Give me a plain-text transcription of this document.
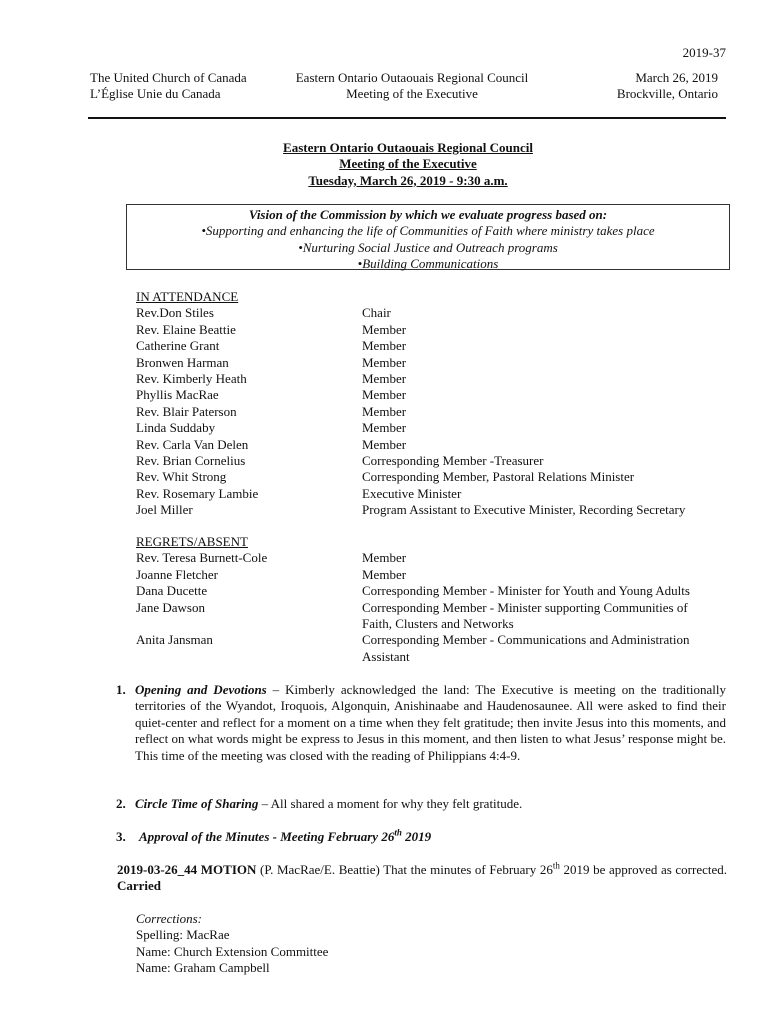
2019-37
The United Church of Canada
L’Église Unie du Canada
Eastern Ontario Outaouais Regional Council
Meeting of the Executive
March 26, 2019
Brockville, Ontario
Eastern Ontario Outaouais Regional Council
Meeting of the Executive
Tuesday, March 26, 2019 - 9:30 a.m.
Vision of the Commission by which we evaluate progress based on:
•Supporting and enhancing the life of Communities of Faith where ministry takes place
•Nurturing Social Justice and Outreach programs
•Building Communications
IN ATTENDANCE
Rev.Don Stiles	Chair
Rev. Elaine Beattie	Member
Catherine Grant	Member
Bronwen Harman	Member
Rev. Kimberly Heath	Member
Phyllis MacRae	Member
Rev. Blair Paterson	Member
Linda Suddaby	Member
Rev. Carla Van Delen	Member
Rev. Brian Cornelius	Corresponding Member -Treasurer
Rev. Whit Strong	Corresponding Member, Pastoral Relations Minister
Rev. Rosemary Lambie	Executive Minister
Joel Miller	Program Assistant to Executive Minister, Recording Secretary
REGRETS/ABSENT
Rev. Teresa Burnett-Cole	Member
Joanne Fletcher	Member
Dana Ducette	Corresponding Member - Minister for Youth and Young Adults
Jane Dawson	Corresponding Member - Minister supporting Communities of
Faith, Clusters and Networks
Anita Jansman	Corresponding Member - Communications and Administration
Assistant
1. Opening and Devotions – Kimberly acknowledged the land: The Executive is meeting on the traditionally territories of the Wyandot, Iroquois, Algonquin, Anishinaabe and Haudenosaunee. All were asked to find their quiet-center and reflect for a moment on a time when they felt gratitude; then invite Jesus into this moments, and reflect on what words might be express to Jesus in this moment, and then listen to what Jesus’ response might be. This time of the meeting was closed with the reading of Philippians 4:4-9.
2. Circle Time of Sharing – All shared a moment for why they felt gratitude.
3. Approval of the Minutes - Meeting February 26th 2019
2019-03-26_44 MOTION (P. MacRae/E. Beattie) That the minutes of February 26th 2019 be approved as corrected. Carried
Corrections:
Spelling: MacRae
Name: Church Extension Committee
Name: Graham Campbell
